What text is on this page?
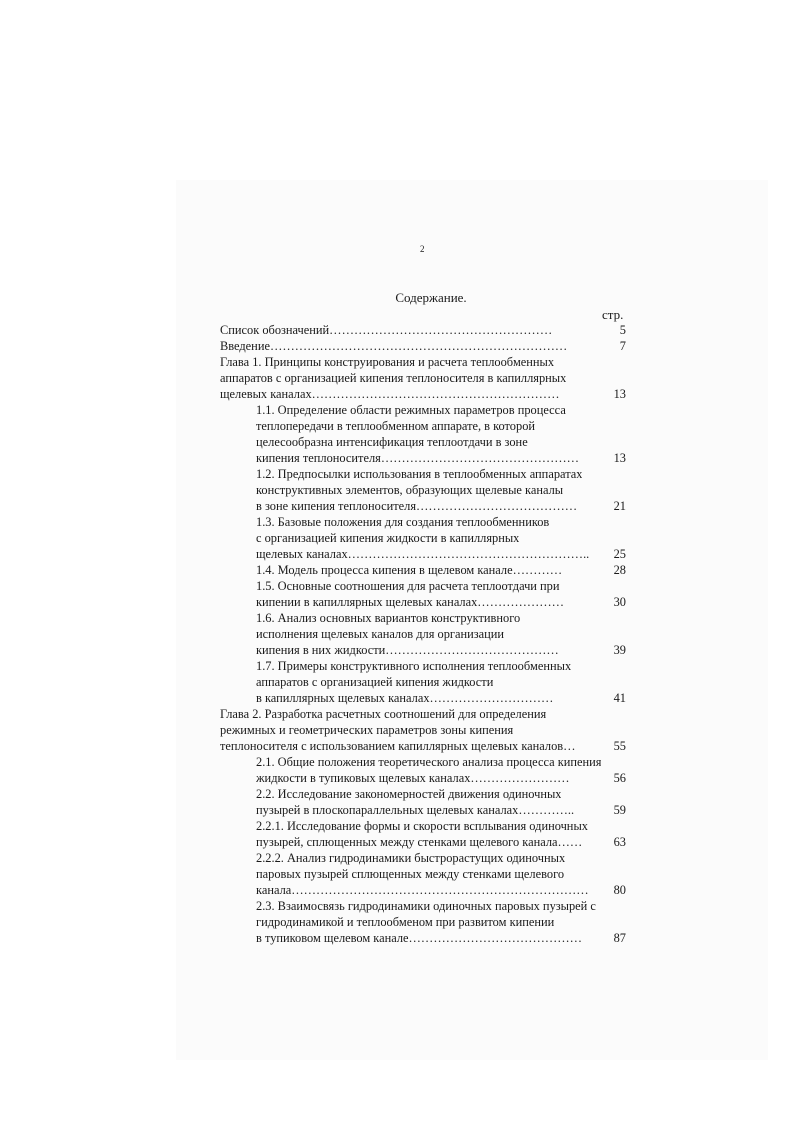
2
Содержание.
стр.
Список обозначений………………………………………………	5
Введение………………………………………………………………	7
Глава 1. Принципы конструирования и расчета теплообменных
аппаратов с организацией кипения теплоносителя в капиллярных
щелевых каналах……………………………………………………	13
1.1. Определение области режимных параметров процесса
теплопередачи в теплообменном аппарате, в которой
целесообразна интенсификация теплоотдачи в зоне
кипения теплоносителя…………………………………………	13
1.2. Предпосылки использования в теплообменных аппаратах
конструктивных элементов, образующих щелевые каналы
в зоне кипения теплоносителя…………………………………	21
1.3. Базовые положения для создания теплообменников
с организацией кипения жидкости в капиллярных
щелевых каналах…………………………………………………..	25
1.4. Модель процесса кипения в щелевом канале…………	28
1.5. Основные соотношения для расчета теплоотдачи при
кипении в капиллярных щелевых каналах…………………	30
1.6. Анализ основных вариантов конструктивного
исполнения щелевых каналов для организации
кипения в них жидкости……………………………………	39
1.7. Примеры конструктивного исполнения теплообменных
аппаратов с организацией кипения жидкости
в капиллярных щелевых каналах…………………………	41
Глава 2. Разработка расчетных соотношений для определения
режимных и геометрических параметров зоны кипения
теплоносителя с использованием капиллярных щелевых каналов…	55
2.1. Общие положения теоретического анализа процесса кипения
жидкости в тупиковых щелевых каналах……………………	56
2.2. Исследование закономерностей движения одиночных
пузырей в плоскопараллельных щелевых каналах…………..	59
2.2.1. Исследование формы и скорости всплывания одиночных
пузырей, сплющенных между стенками щелевого канала……	63
2.2.2. Анализ гидродинамики быстрорастущих одиночных
паровых пузырей сплющенных между стенками щелевого
канала………………………………………………………………	80
2.3. Взаимосвязь гидродинамики одиночных паровых пузырей с
гидродинамикой и теплообменом при развитом кипении
в тупиковом щелевом канале……………………………………	87
